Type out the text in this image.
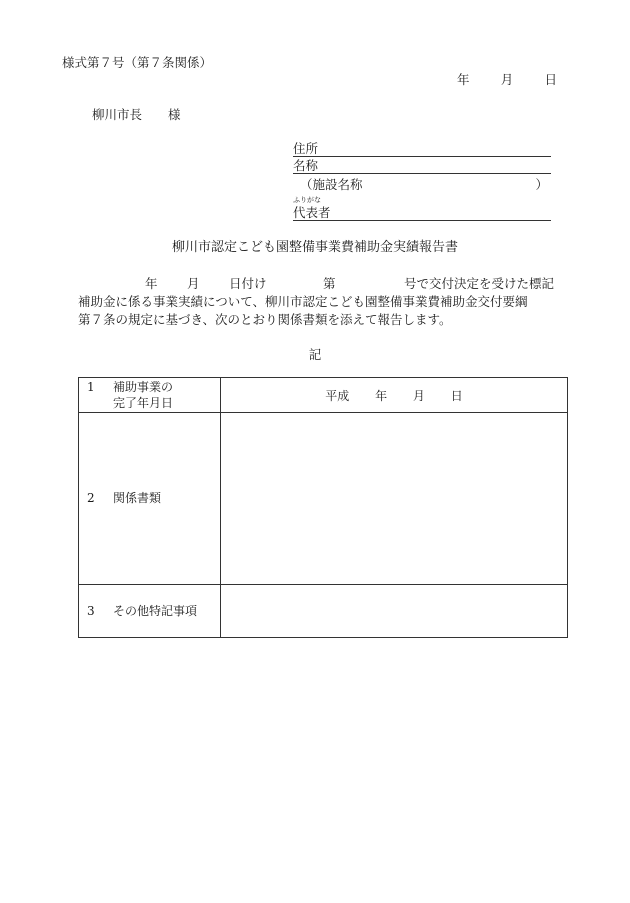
様式第７号（第７条関係）
年 月 日
柳川市長 様
住所
名称
（施設名称	）
ふりがな
代表者
柳川市認定こども園整備事業費補助金実績報告書
年 月 日付け	第	号で交付決定を受けた標記
補助金に係る事業実績について、柳川市認定こども園整備事業費補助金交付要綱
第７条の規定に基づき、次のとおり関係書類を添えて報告します。
記
1 補助事業の
完了年月日	平成 年 月 日

2 関係書類	

3 その他特記事項	
